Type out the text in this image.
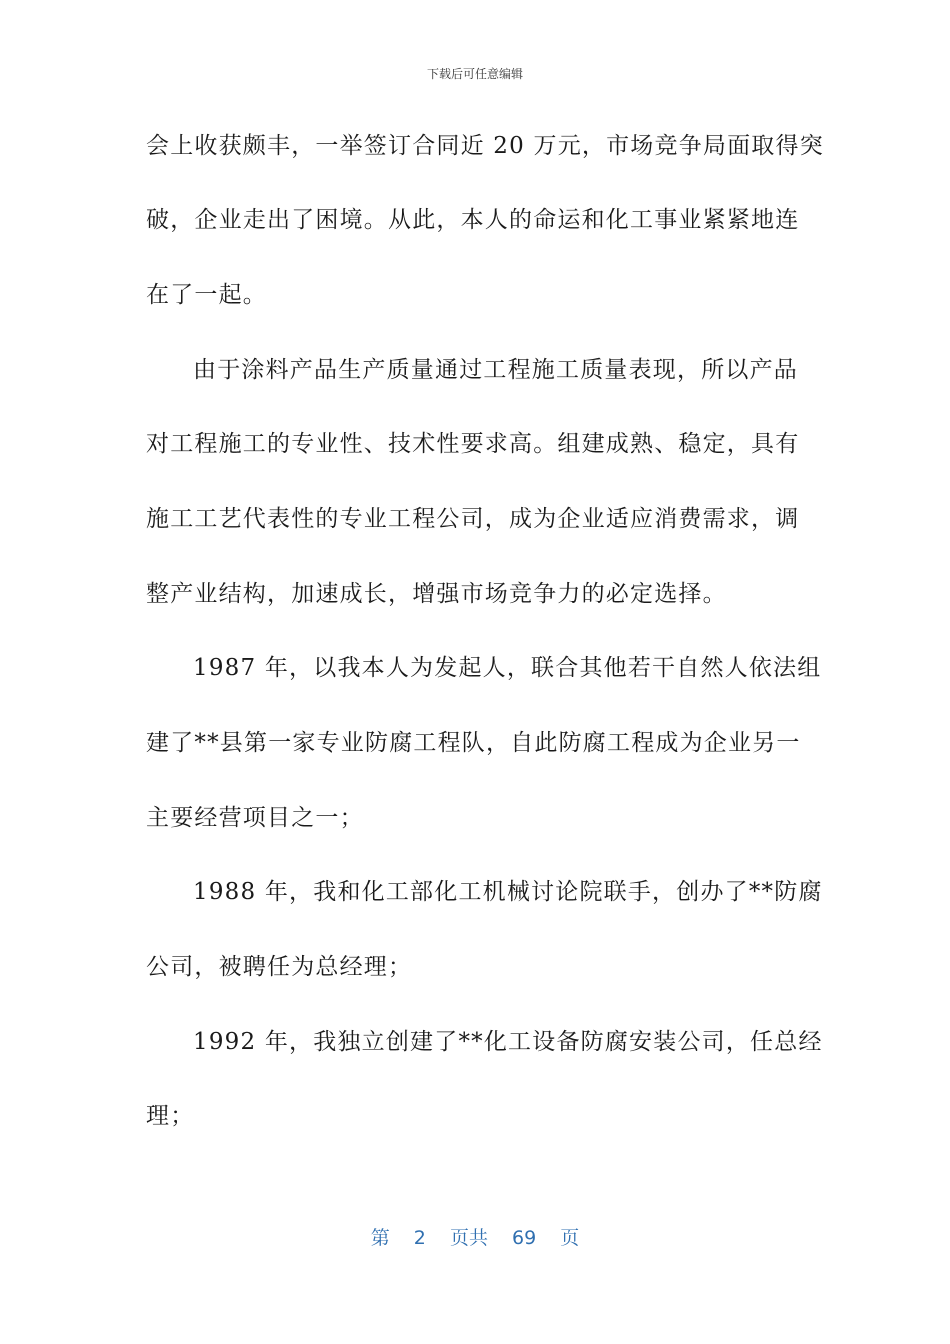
下载后可任意编辑
会上收获颇丰，一举签订合同近 20 万元，市场竞争局面取得突
破，企业走出了困境。从此，本人的命运和化工事业紧紧地连
在了一起。
由于涂料产品生产质量通过工程施工质量表现，所以产品
对工程施工的专业性、技术性要求高。组建成熟、稳定，具有
施工工艺代表性的专业工程公司，成为企业适应消费需求，调
整产业结构，加速成长，增强市场竞争力的必定选择。
1987 年，以我本人为发起人，联合其他若干自然人依法组
建了**县第一家专业防腐工程队，自此防腐工程成为企业另一
主要经营项目之一；
1988 年，我和化工部化工机械讨论院联手，创办了**防腐
公司，被聘任为总经理；
1992 年，我独立创建了**化工设备防腐安装公司，任总经
理；
第 2 页共 69 页
